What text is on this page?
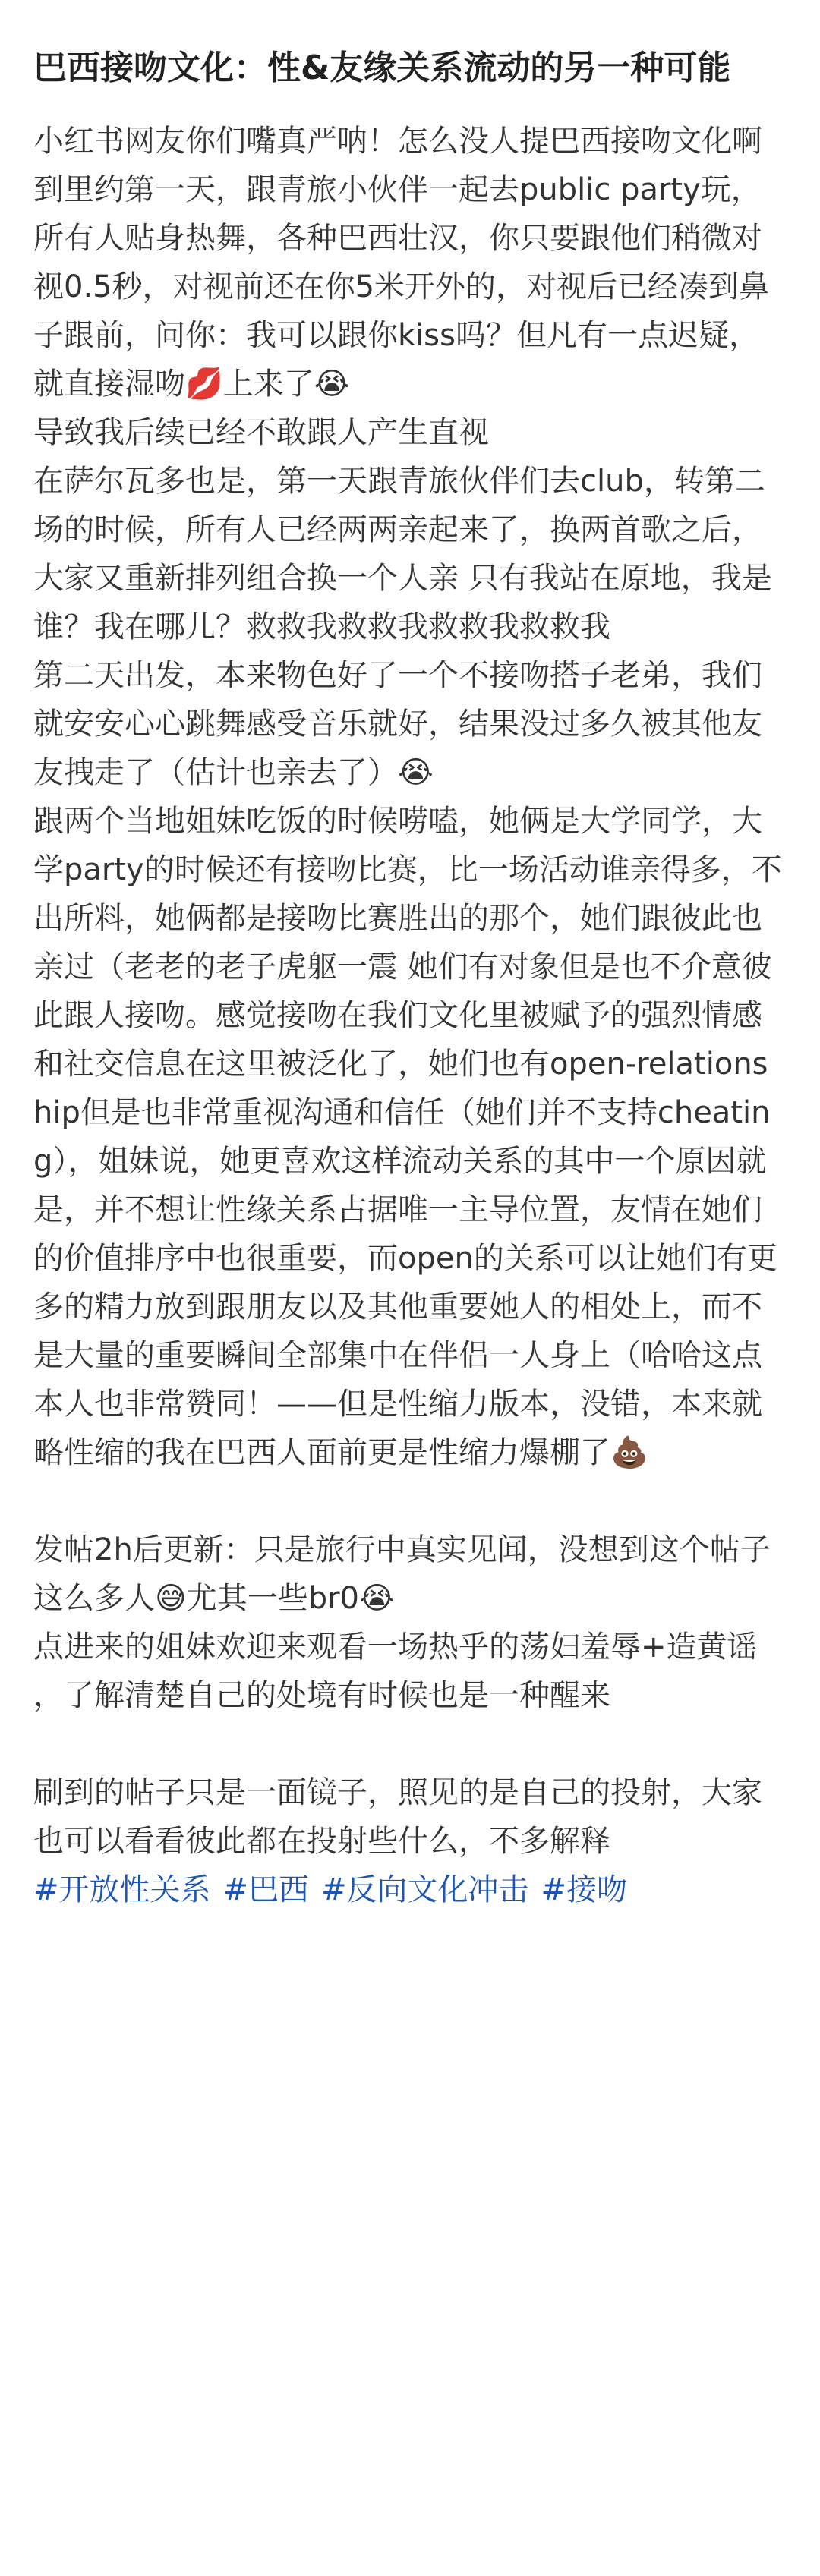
巴西接吻文化：性&友缘关系流动的另一种可能

小红书网友你们嘴真严呐！怎么没人提巴西接吻文化啊

到里约第一天，跟青旅小伙伴一起去public party玩，所有人贴身热舞，各种巴西壮汉，你只要跟他们稍微对视0.5秒，对视前还在你5米开外的，对视后已经凑到鼻子跟前，问你：我可以跟你kiss吗？但凡有一点迟疑，就直接湿吻💋上来了😭

导致我后续已经不敢跟人产生直视

在萨尔瓦多也是，第一天跟青旅伙伴们去club，转第二场的时候，所有人已经两两亲起来了，换两首歌之后，大家又重新排列组合换一个人亲 只有我站在原地，我是谁？我在哪儿？救救我救救我救救我救救我

第二天出发，本来物色好了一个不接吻搭子老弟，我们就安安心心跳舞感受音乐就好，结果没过多久被其他友友拽走了（估计也亲去了）😭

跟两个当地姐妹吃饭的时候唠嗑，她俩是大学同学，大学party的时候还有接吻比赛，比一场活动谁亲得多，不出所料，她俩都是接吻比赛胜出的那个，她们跟彼此也亲过（老老的老子虎躯一震 她们有对象但是也不介意彼此跟人接吻。感觉接吻在我们文化里被赋予的强烈情感和社交信息在这里被泛化了，她们也有open-relationship但是也非常重视沟通和信任（她们并不支持cheating），姐妹说，她更喜欢这样流动关系的其中一个原因就是，并不想让性缘关系占据唯一主导位置，友情在她们的价值排序中也很重要，而open的关系可以让她们有更多的精力放到跟朋友以及其他重要她人的相处上，而不是大量的重要瞬间全部集中在伴侣一人身上（哈哈这点本人也非常赞同！——但是性缩力版本，没错，本来就略性缩的我在巴西人面前更是性缩力爆棚了💩

发帖2h后更新：只是旅行中真实见闻，没想到这个帖子这么多人😅尤其一些br0😭

点进来的姐妹欢迎来观看一场热乎的荡妇羞辱+造黄谣，了解清楚自己的处境有时候也是一种醒来

刷到的帖子只是一面镜子，照见的是自己的投射，大家也可以看看彼此都在投射些什么，不多解释

#开放性关系 #巴西 #反向文化冲击 #接吻
